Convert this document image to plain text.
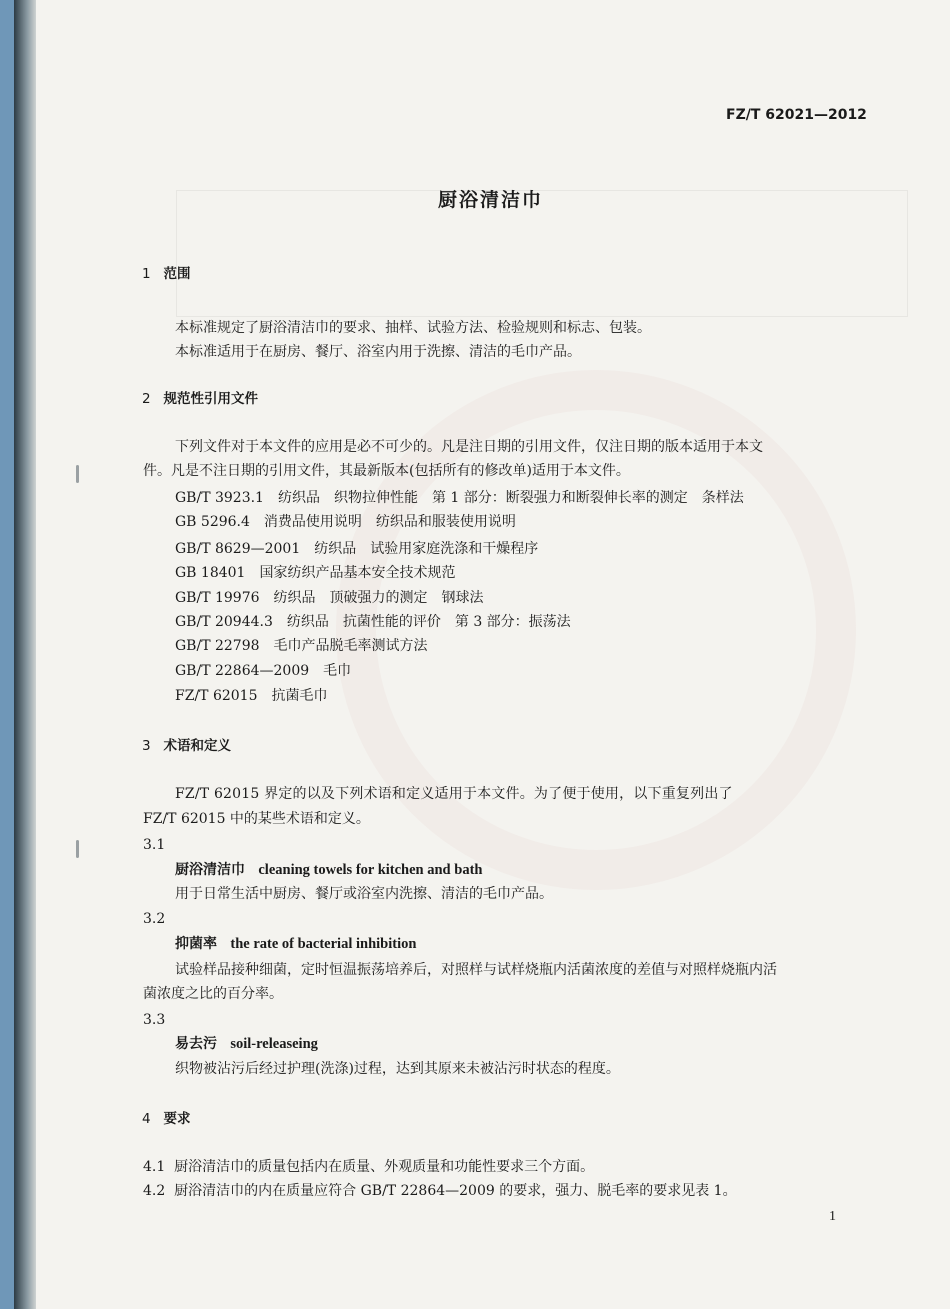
FZ/T 62021—2012
厨浴清洁巾
1 范围
本标准规定了厨浴清洁巾的要求、抽样、试验方法、检验规则和标志、包装。
本标准适用于在厨房、餐厅、浴室内用于洗擦、清洁的毛巾产品。
2 规范性引用文件
下列文件对于本文件的应用是必不可少的。凡是注日期的引用文件，仅注日期的版本适用于本文
件。凡是不注日期的引用文件，其最新版本(包括所有的修改单)适用于本文件。
GB/T 3923.1　纺织品　织物拉伸性能　第 1 部分：断裂强力和断裂伸长率的测定　条样法
GB 5296.4　消费品使用说明　纺织品和服装使用说明
GB/T 8629—2001　纺织品　试验用家庭洗涤和干燥程序
GB 18401　国家纺织产品基本安全技术规范
GB/T 19976　纺织品　顶破强力的测定　钢球法
GB/T 20944.3　纺织品　抗菌性能的评价　第 3 部分：振荡法
GB/T 22798　毛巾产品脱毛率测试方法
GB/T 22864—2009　毛巾
FZ/T 62015　抗菌毛巾
3 术语和定义
FZ/T 62015 界定的以及下列术语和定义适用于本文件。为了便于使用，以下重复列出了
FZ/T 62015 中的某些术语和定义。
3.1
厨浴清洁巾 cleaning towels for kitchen and bath
用于日常生活中厨房、餐厅或浴室内洗擦、清洁的毛巾产品。
3.2
抑菌率 the rate of bacterial inhibition
试验样品接种细菌，定时恒温振荡培养后，对照样与试样烧瓶内活菌浓度的差值与对照样烧瓶内活
菌浓度之比的百分率。
3.3
易去污 soil-releaseing
织物被沾污后经过护理(洗涤)过程，达到其原来未被沾污时状态的程度。
4 要求
4.1 厨浴清洁巾的质量包括内在质量、外观质量和功能性要求三个方面。
4.2 厨浴清洁巾的内在质量应符合 GB/T 22864—2009 的要求，强力、脱毛率的要求见表 1。
1
